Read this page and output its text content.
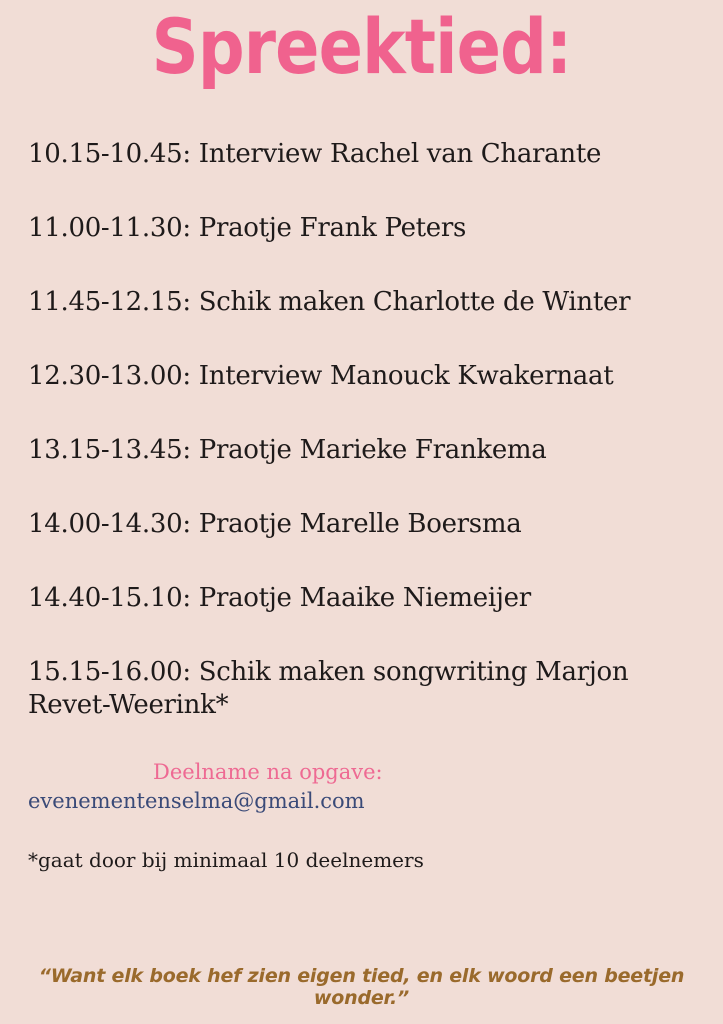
Spreektied:
10.15-10.45: Interview Rachel van Charante
11.00-11.30: Praotje Frank Peters
11.45-12.15: Schik maken Charlotte de Winter
12.30-13.00: Interview Manouck Kwakernaat
13.15-13.45: Praotje Marieke Frankema
14.00-14.30: Praotje Marelle Boersma
14.40-15.10: Praotje Maaike Niemeijer
15.15-16.00: Schik maken songwriting Marjon Revet-Weerink*
Deelname na opgave:
evenementenselma@gmail.com
*gaat door bij minimaal 10 deelnemers
“Want elk boek hef zien eigen tied, en elk woord een beetjen wonder.”
